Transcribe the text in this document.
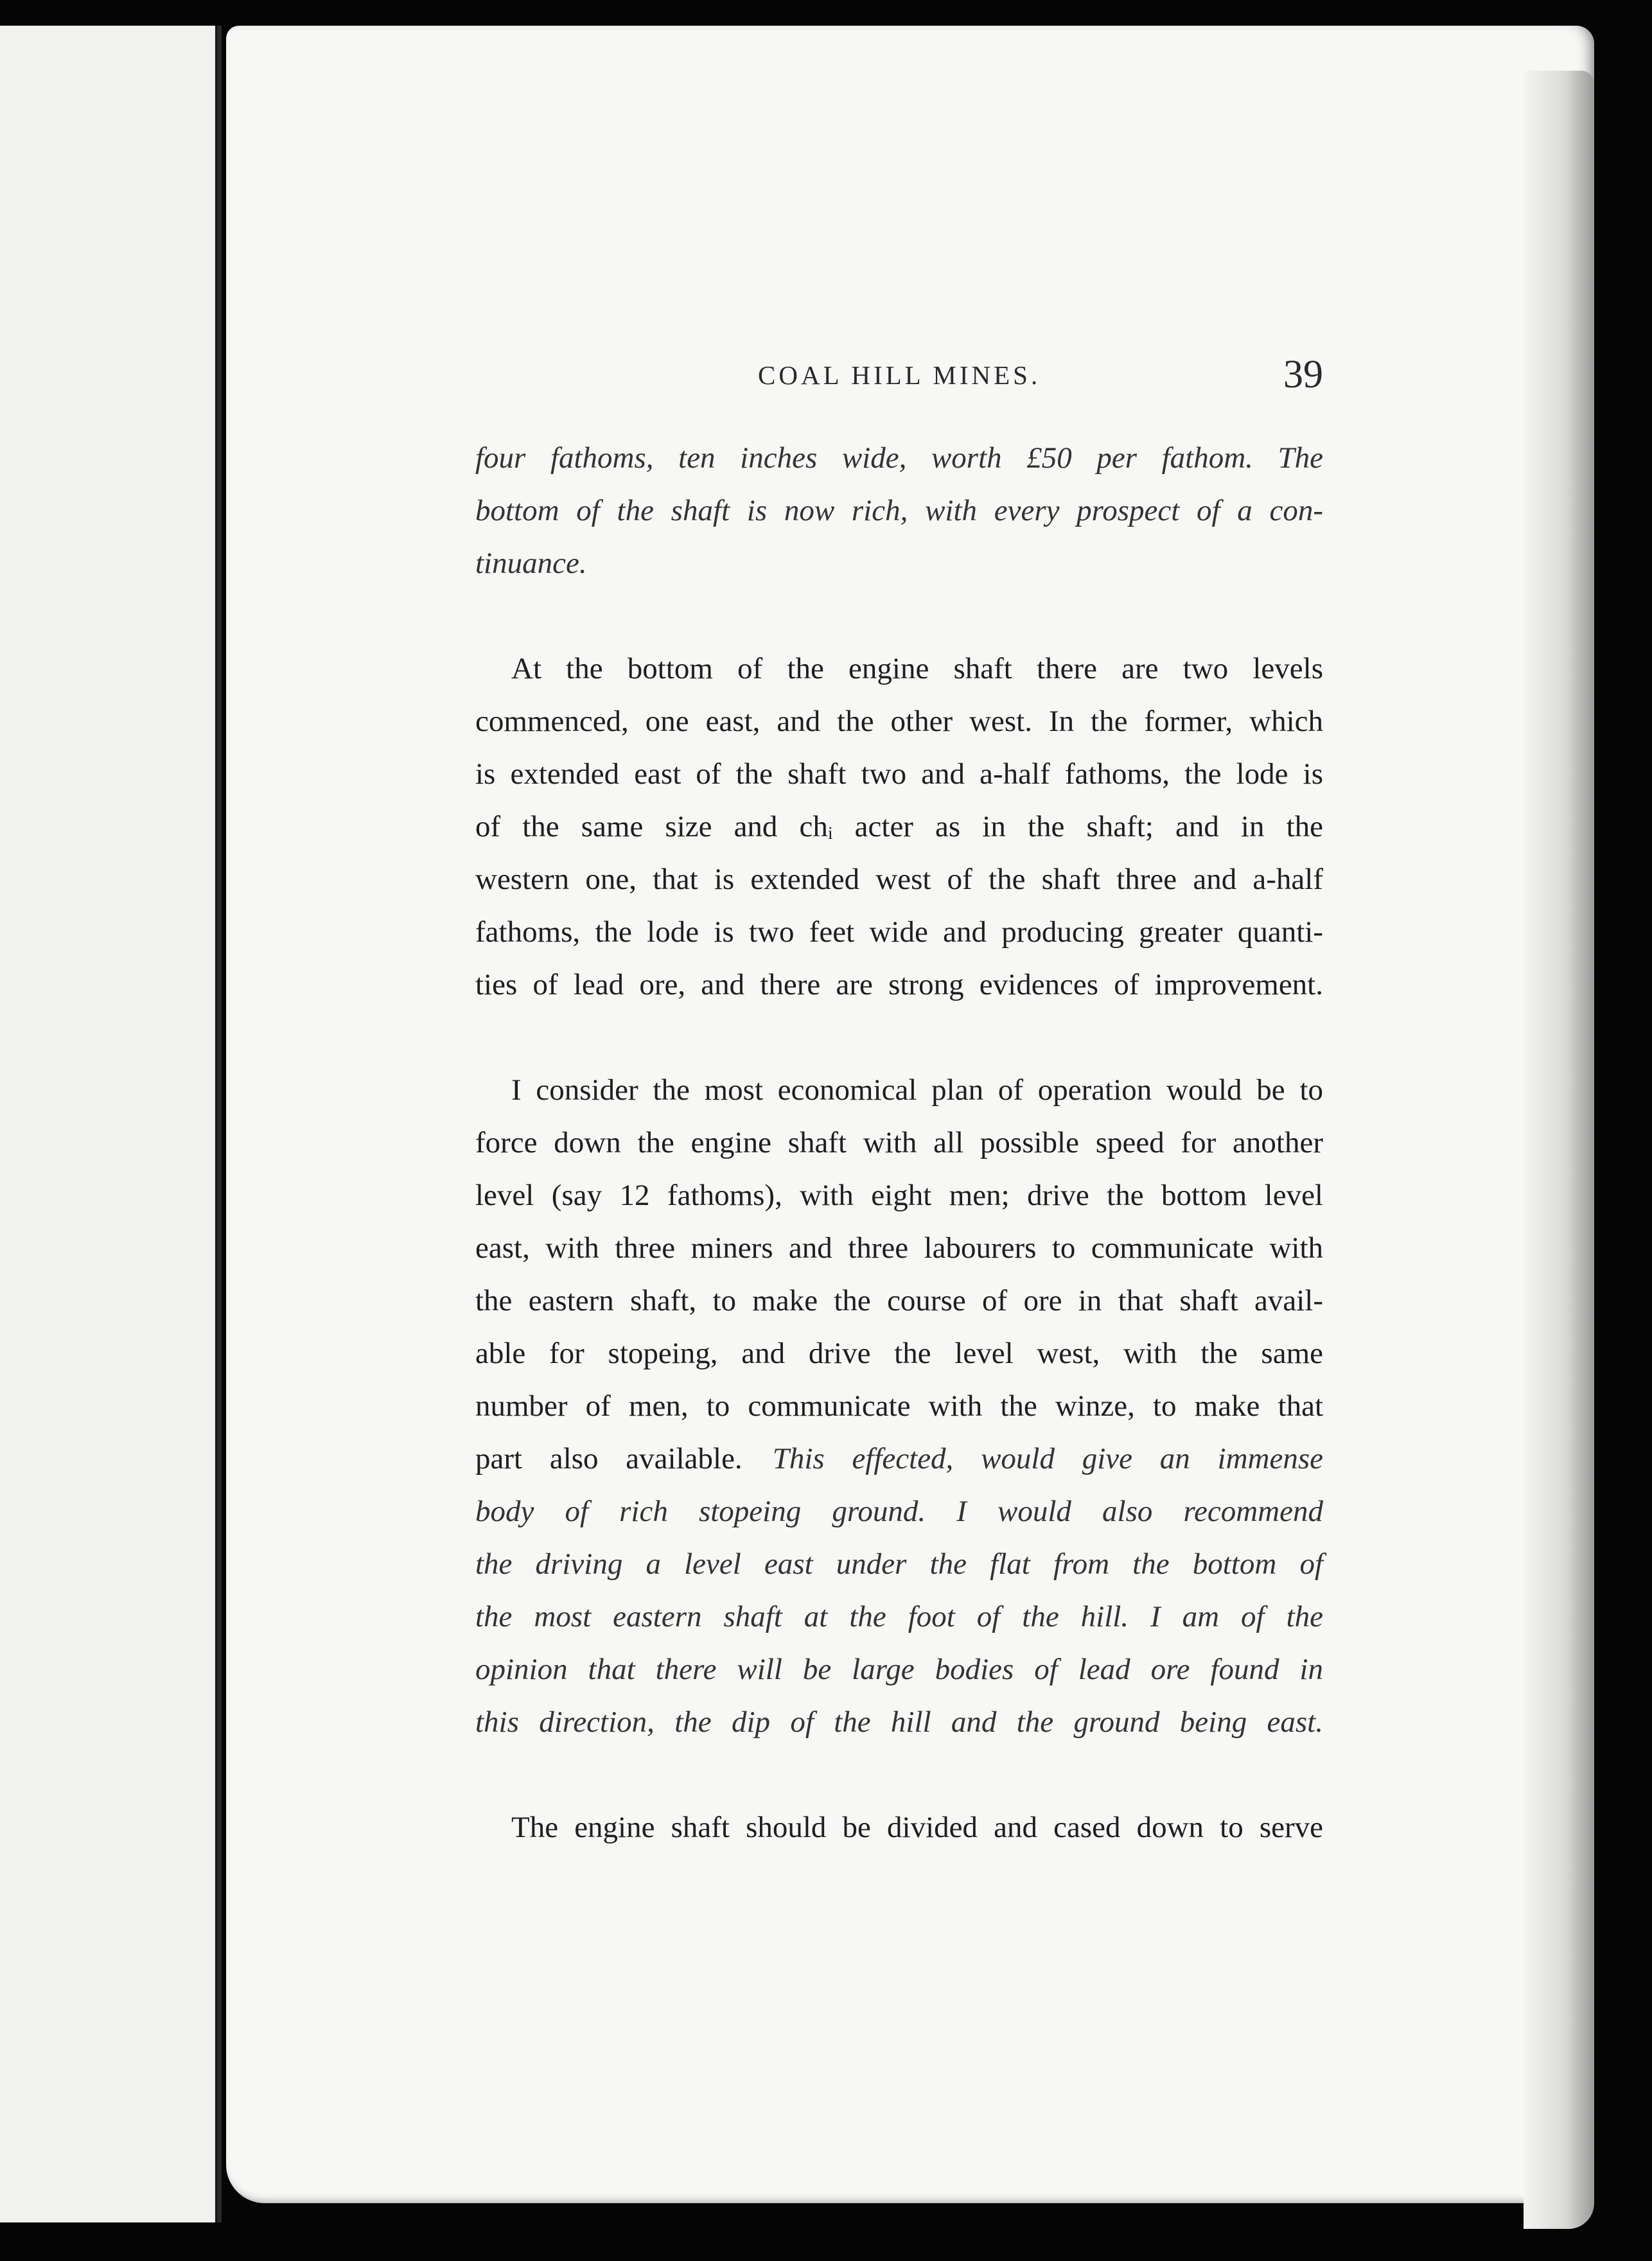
COAL HILL MINES.	39

four fathoms, ten inches wide, worth £50 per fathom. The
bottom of the shaft is now rich, with every prospect of a con-
tinuance.

At the bottom of the engine shaft there are two levels
commenced, one east, and the other west. In the former, which
is extended east of the shaft two and a-half fathoms, the lode is
of the same size and chᵢ acter as in the shaft; and in the
western one, that is extended west of the shaft three and a-half
fathoms, the lode is two feet wide and producing greater quanti-
ties of lead ore, and there are strong evidences of improvement.

I consider the most economical plan of operation would be to
force down the engine shaft with all possible speed for another
level (say 12 fathoms), with eight men; drive the bottom level
east, with three miners and three labourers to communicate with
the eastern shaft, to make the course of ore in that shaft avail-
able for stopeing, and drive the level west, with the same
number of men, to communicate with the winze, to make that
part also available.  This effected, would give an immense
body of rich stopeing ground. I would also recommend
the driving a level east under the flat from the bottom of
the most eastern shaft at the foot of the hill. I am of the
opinion that there will be large bodies of lead ore found in
this direction, the dip of the hill and the ground being east.

The engine shaft should be divided and cased down to serve
